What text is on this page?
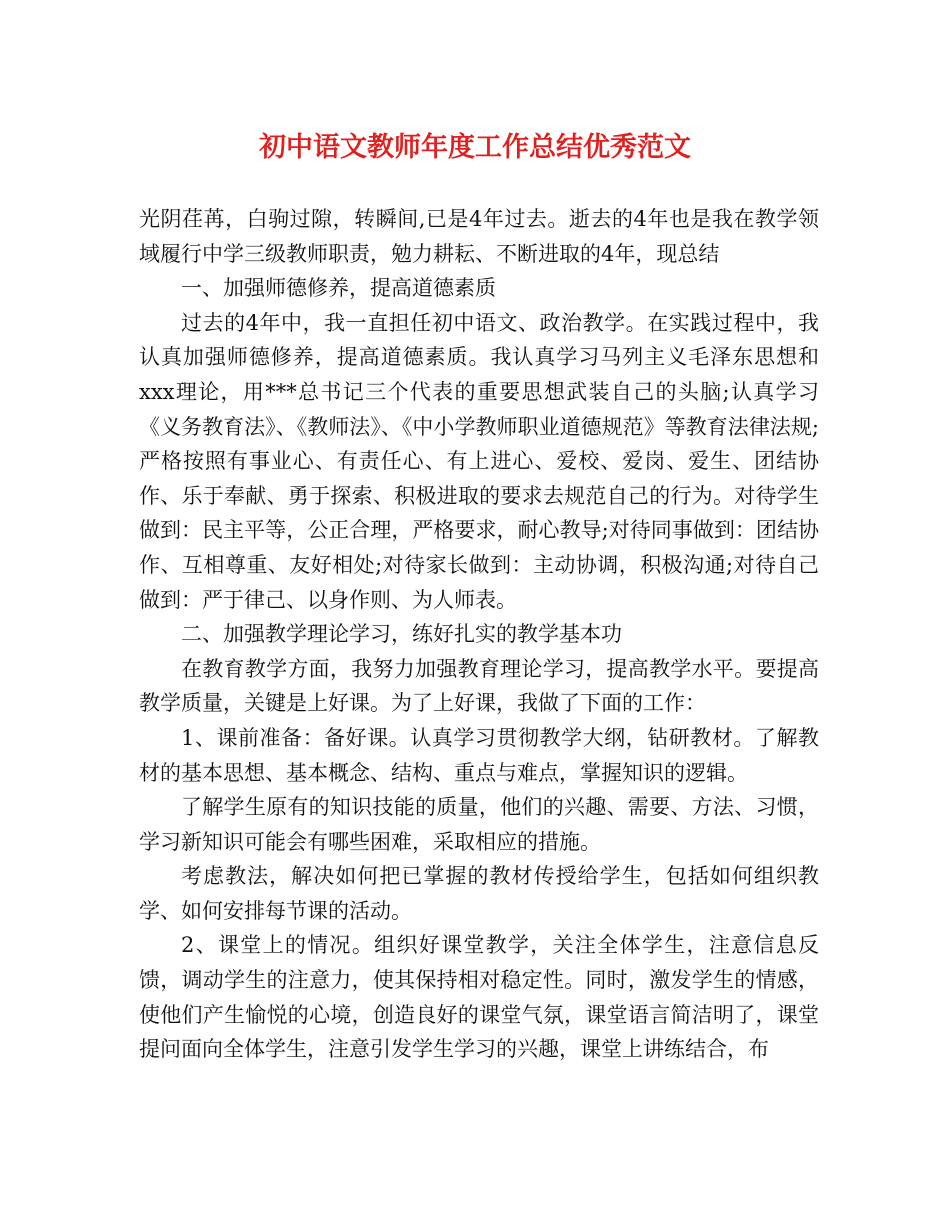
初中语文教师年度工作总结优秀范文

光阴荏苒，白驹过隙，转瞬间,已是4年过去。逝去的4年也是我在教学领域履行中学三级教师职责，勉力耕耘、不断进取的4年，现总结

一、加强师德修养，提高道德素质

过去的4年中，我一直担任初中语文、政治教学。在实践过程中，我认真加强师德修养，提高道德素质。我认真学习马列主义毛泽东思想和xxx理论，用***总书记三个代表的重要思想武装自己的头脑;认真学习《义务教育法》、《教师法》、《中小学教师职业道德规范》等教育法律法规;严格按照有事业心、有责任心、有上进心、爱校、爱岗、爱生、团结协作、乐于奉献、勇于探索、积极进取的要求去规范自己的行为。对待学生做到：民主平等，公正合理，严格要求，耐心教导;对待同事做到：团结协作、互相尊重、友好相处;对待家长做到：主动协调，积极沟通;对待自己做到：严于律己、以身作则、为人师表。

二、加强教学理论学习，练好扎实的教学基本功

在教育教学方面，我努力加强教育理论学习，提高教学水平。要提高教学质量，关键是上好课。为了上好课，我做了下面的工作：

1、课前准备：备好课。认真学习贯彻教学大纲，钻研教材。了解教材的基本思想、基本概念、结构、重点与难点，掌握知识的逻辑。

了解学生原有的知识技能的质量，他们的兴趣、需要、方法、习惯，学习新知识可能会有哪些困难，采取相应的措施。

考虑教法，解决如何把已掌握的教材传授给学生，包括如何组织教学、如何安排每节课的活动。

2、课堂上的情况。组织好课堂教学，关注全体学生，注意信息反馈，调动学生的注意力，使其保持相对稳定性。同时，激发学生的情感，使他们产生愉悦的心境，创造良好的课堂气氛，课堂语言简洁明了，课堂提问面向全体学生，注意引发学生学习的兴趣，课堂上讲练结合，布
